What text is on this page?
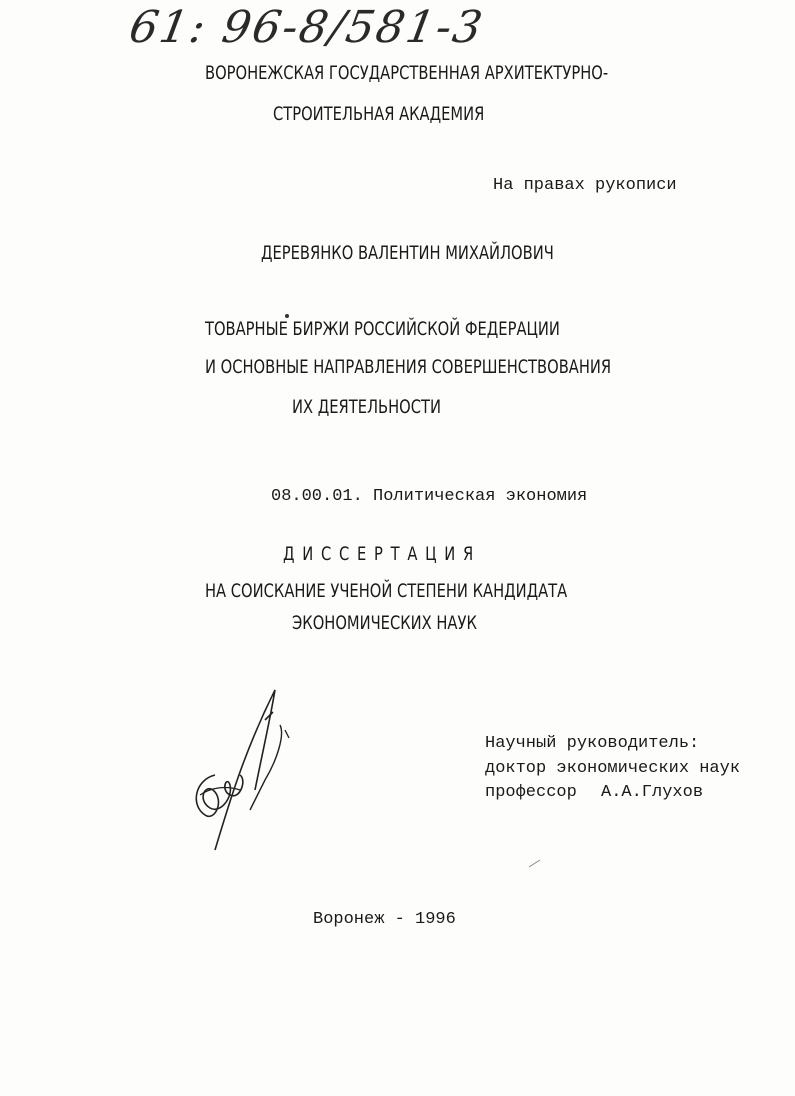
61: 96-8/581-3
ВОРОНЕЖСКАЯ ГОСУДАРСТВЕННАЯ АРХИТЕКТУРНО-
СТРОИТЕЛЬНАЯ АКАДЕМИЯ
На правах рукописи
ДЕРЕВЯНКО ВАЛЕНТИН МИХАЙЛОВИЧ
ТОВАРНЫЕ БИРЖИ РОССИЙСКОЙ ФЕДЕРАЦИИ
И ОСНОВНЫЕ НАПРАВЛЕНИЯ СОВЕРШЕНСТВОВАНИЯ
ИХ ДЕЯТЕЛЬНОСТИ
08.00.01. Политическая экономия
ДИССЕРТАЦИЯ
НА СОИСКАНИЕ УЧЕНОЙ СТЕПЕНИ КАНДИДАТА
ЭКОНОМИЧЕСКИХ НАУК
Научный руководитель:
доктор экономических наук
профессор А.А.Глухов
Воронеж - 1996
